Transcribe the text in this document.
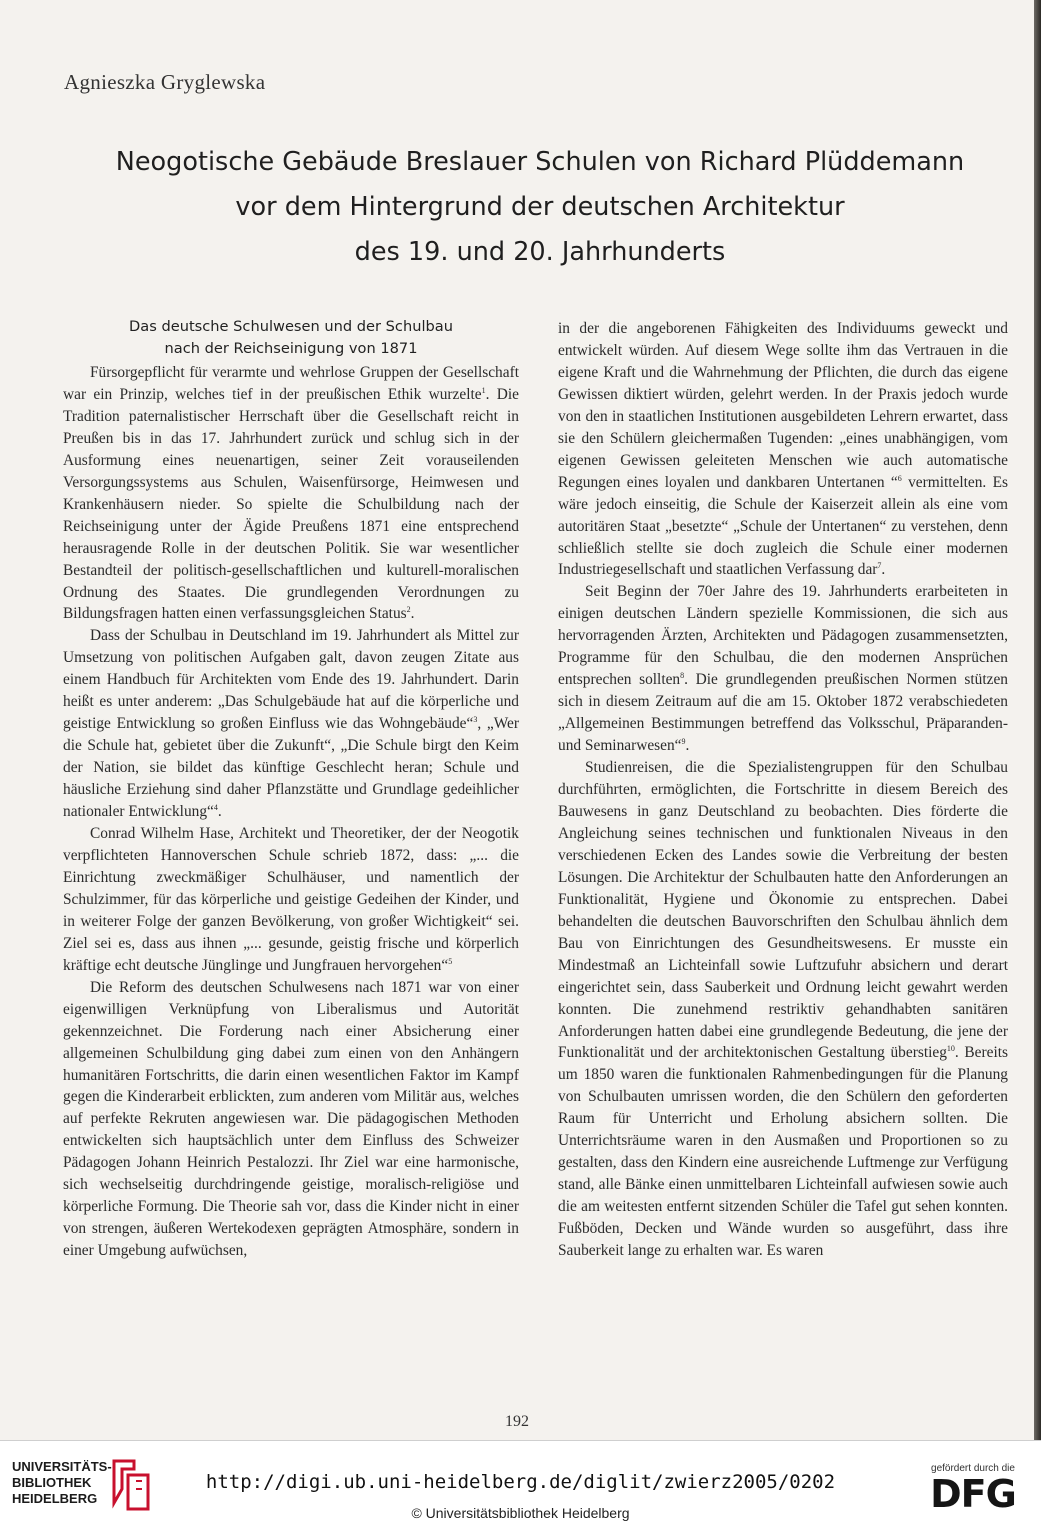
Agnieszka Gryglewska
Neogotische Gebäude Breslauer Schulen von Richard Plüddemann
vor dem Hintergrund der deutschen Architektur
des 19. und 20. Jahrhunderts
Das deutsche Schulwesen und der Schulbau
nach der Reichseinigung von 1871

Fürsorgepflicht für verarmte und wehrlose Gruppen der Gesellschaft war ein Prinzip, welches tief in der preußischen Ethik wurzelte$^1$. Die Tradition paternalistischer Herrschaft über die Gesellschaft reicht in Preußen bis in das 17. Jahrhundert zurück und schlug sich in der Ausformung eines neuenartigen, seiner Zeit vorauseilenden Versorgungssystems aus Schulen, Waisenfürsorge, Heimwesen und Krankenhäusern nieder. So spielte die Schulbildung nach der Reichseinigung unter der Ägide Preußens 1871 eine entsprechend herausragende Rolle in der deutschen Politik. Sie war wesentlicher Bestandteil der politisch-gesellschaftlichen und kulturell-moralischen Ordnung des Staates. Die grundlegenden Verordnungen zu Bildungsfragen hatten einen verfassungsgleichen Status$^2$.

Dass der Schulbau in Deutschland im 19. Jahrhundert als Mittel zur Umsetzung von politischen Aufgaben galt, davon zeugen Zitate aus einem Handbuch für Architekten vom Ende des 19. Jahrhundert. Darin heißt es unter anderem: „Das Schulgebäude hat auf die körperliche und geistige Entwicklung so großen Einfluss wie das Wohngebäude“$^3$, „Wer die Schule hat, gebietet über die Zukunft“, „Die Schule birgt den Keim der Nation, sie bildet das künftige Geschlecht heran; Schule und häusliche Erziehung sind daher Pflanzstätte und Grundlage gedeihlicher nationaler Entwicklung“$^4$.

Conrad Wilhelm Hase, Architekt und Theoretiker, der der Neogotik verpflichteten Hannoverschen Schule schrieb 1872, dass: „... die Einrichtung zweckmäßiger Schulhäuser, und namentlich der Schulzimmer, für das körperliche und geistige Gedeihen der Kinder, und in weiterer Folge der ganzen Bevölkerung, von großer Wichtigkeit“ sei. Ziel sei es, dass aus ihnen „... gesunde, geistig frische und körperlich kräftige echt deutsche Jünglinge und Jungfrauen hervorgehen“$^5$

Die Reform des deutschen Schulwesens nach 1871 war von einer eigenwilligen Verknüpfung von Liberalismus und Autorität gekennzeichnet. Die Forderung nach einer Absicherung einer allgemeinen Schulbildung ging dabei zum einen von den Anhängern humanitären Fortschritts, die darin einen wesentlichen Faktor im Kampf gegen die Kinderarbeit erblickten, zum anderen vom Militär aus, welches auf perfekte Rekruten angewiesen war. Die pädagogischen Methoden entwickelten sich hauptsächlich unter dem Einfluss des Schweizer Pädagogen Johann Heinrich Pestalozzi. Ihr Ziel war eine harmonische, sich wechselseitig durchdringende geistige, moralisch-religiöse und körperliche Formung. Die Theorie sah vor, dass die Kinder nicht in einer von strengen, äußeren Wertekodexen geprägten Atmosphäre, sondern in einer Umgebung aufwüchsen,

in der die angeborenen Fähigkeiten des Individuums geweckt und entwickelt würden. Auf diesem Wege sollte ihm das Vertrauen in die eigene Kraft und die Wahrnehmung der Pflichten, die durch das eigene Gewissen diktiert würden, gelehrt werden. In der Praxis jedoch wurde von den in staatlichen Institutionen ausgebildeten Lehrern erwartet, dass sie den Schülern gleichermaßen Tugenden: „eines unabhängigen, vom eigenen Gewissen geleiteten Menschen wie auch automatische Regungen eines loyalen und dankbaren Untertanen “$^6$ vermittelten. Es wäre jedoch einseitig, die Schule der Kaiserzeit allein als eine vom autoritären Staat „besetzte“ „Schule der Untertanen“ zu verstehen, denn schließlich stellte sie doch zugleich die Schule einer modernen Industriegesellschaft und staatlichen Verfassung dar$^7$.

Seit Beginn der 70er Jahre des 19. Jahrhunderts erarbeiteten in einigen deutschen Ländern spezielle Kommissionen, die sich aus hervorragenden Ärzten, Architekten und Pädagogen zusammensetzten, Programme für den Schulbau, die den modernen Ansprüchen entsprechen sollten$^8$. Die grundlegenden preußischen Normen stützen sich in diesem Zeitraum auf die am 15. Oktober 1872 verabschiedeten „Allgemeinen Bestimmungen betreffend das Volksschul, Präparanden- und Seminarwesen“$^9$.

Studienreisen, die die Spezialistengruppen für den Schulbau durchführten, ermöglichten, die Fortschritte in diesem Bereich des Bauwesens in ganz Deutschland zu beobachten. Dies förderte die Angleichung seines technischen und funktionalen Niveaus in den verschiedenen Ecken des Landes sowie die Verbreitung der besten Lösungen. Die Architektur der Schulbauten hatte den Anforderungen an Funktionalität, Hygiene und Ökonomie zu entsprechen. Dabei behandelten die deutschen Bauvorschriften den Schulbau ähnlich dem Bau von Einrichtungen des Gesundheitswesens. Er musste ein Mindestmaß an Lichteinfall sowie Luftzufuhr absichern und derart eingerichtet sein, dass Sauberkeit und Ordnung leicht gewahrt werden konnten. Die zunehmend restriktiv gehandhabten sanitären Anforderungen hatten dabei eine grundlegende Bedeutung, die jene der Funktionalität und der architektonischen Gestaltung überstieg$^{10}$. Bereits um 1850 waren die funktionalen Rahmenbedingungen für die Planung von Schulbauten umrissen worden, die den Schülern den geforderten Raum für Unterricht und Erholung absichern sollten. Die Unterrichtsräume waren in den Ausmaßen und Proportionen so zu gestalten, dass den Kindern eine ausreichende Luftmenge zur Verfügung stand, alle Bänke einen unmittelbaren Lichteinfall aufwiesen sowie auch die am weitesten entfernt sitzenden Schüler die Tafel gut sehen konnten. Fußböden, Decken und Wände wurden so ausgeführt, dass ihre Sauberkeit lange zu erhalten war. Es waren

192
UNIVERSITÄTS-
BIBLIOTHEK
HEIDELBERG
http://digi.ub.uni-heidelberg.de/diglit/zwierz2005/0202
© Universitätsbibliothek Heidelberg
gefördert durch die
DFG
